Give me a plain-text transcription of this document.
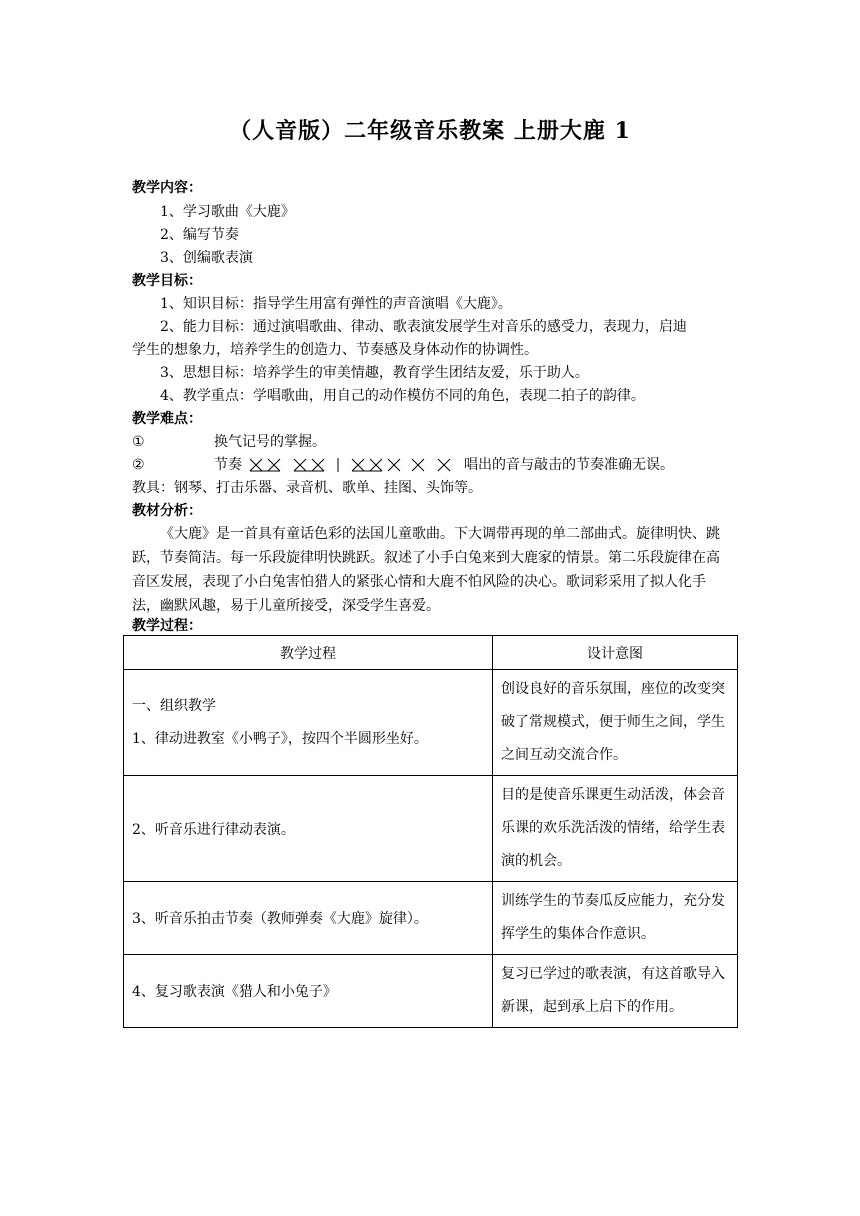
（人音版）二年级音乐教案 上册大鹿 1
教学内容：
1、学习歌曲《大鹿》
2、编写节奏
3、创编歌表演
教学目标：
1、知识目标：指导学生用富有弹性的声音演唱《大鹿》。
2、能力目标：通过演唱歌曲、律动、歌表演发展学生对音乐的感受力，表现力，启迪
学生的想象力，培养学生的创造力、节奏感及身体动作的协调性。
3、思想目标：培养学生的审美情趣，教育学生团结友爱，乐于助人。
4、教学重点：学唱歌曲，用自己的动作模仿不同的角色，表现二拍子的韵律。
教学难点：
①	换气记号的掌握。
②	节奏	唱出的音与敲击的节奏准确无误。
教具：钢琴、打击乐器、录音机、歌单、挂图、头饰等。
教材分析：
《大鹿》是一首具有童话色彩的法国儿童歌曲。下大调带再现的单二部曲式。旋律明快、跳跃，节奏简洁。每一乐段旋律明快跳跃。叙述了小手白兔来到大鹿家的情景。第二乐段旋律在高音区发展，表现了小白兔害怕猎人的紧张心情和大鹿不怕风险的决心。歌词彩采用了拟人化手法，幽默风趣，易于儿童所接受，深受学生喜爱。
教学过程：
教学过程	设计意图

一、组织教学
1、律动进教室《小鸭子》，按四个半圆形坐好。	创设良好的音乐氛围，座位的改变突破了常规模式，便于师生之间，学生之间互动交流合作。
2、听音乐进行律动表演。	目的是使音乐课更生动活泼，体会音乐课的欢乐洗活泼的情绪，给学生表演的机会。
3、听音乐拍击节奏（教师弹奏《大鹿》旋律）。	训练学生的节奏瓜反应能力，充分发挥学生的集体合作意识。
4、复习歌表演《猎人和小兔子》	复习已学过的歌表演，有这首歌导入新课，起到承上启下的作用。
